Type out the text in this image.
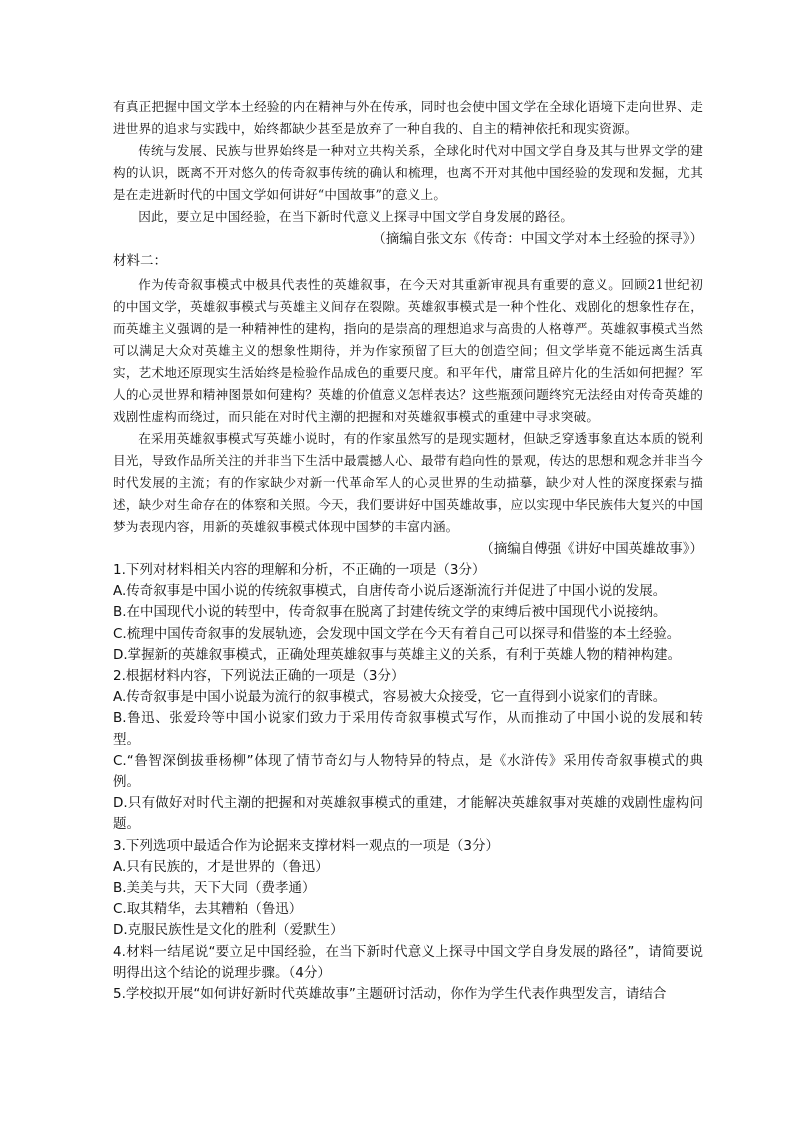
有真正把握中国文学本土经验的内在精神与外在传承，同时也会使中国文学在全球化语境下走向世界、走进世界的追求与实践中，始终都缺少甚至是放弃了一种自我的、自主的精神依托和现实资源。

传统与发展、民族与世界始终是一种对立共构关系，全球化时代对中国文学自身及其与世界文学的建构的认识，既离不开对悠久的传奇叙事传统的确认和梳理，也离不开对其他中国经验的发现和发掘，尤其是在走进新时代的中国文学如何讲好“中国故事”的意义上。

因此，要立足中国经验，在当下新时代意义上探寻中国文学自身发展的路径。

（摘编自张文东《传奇：中国文学对本土经验的探寻》）

材料二：

作为传奇叙事模式中极具代表性的英雄叙事，在今天对其重新审视具有重要的意义。回顾21世纪初的中国文学，英雄叙事模式与英雄主义间存在裂隙。英雄叙事模式是一种个性化、戏剧化的想象性存在，而英雄主义强调的是一种精神性的建构，指向的是崇高的理想追求与高贵的人格尊严。英雄叙事模式当然可以满足大众对英雄主义的想象性期待，并为作家预留了巨大的创造空间；但文学毕竟不能远离生活真实，艺术地还原现实生活始终是检验作品成色的重要尺度。和平年代，庸常且碎片化的生活如何把握？军人的心灵世界和精神图景如何建构？英雄的价值意义怎样表达？这些瓶颈问题终究无法经由对传奇英雄的戏剧性虚构而绕过，而只能在对时代主潮的把握和对英雄叙事模式的重建中寻求突破。

在采用英雄叙事模式写英雄小说时，有的作家虽然写的是现实题材，但缺乏穿透事象直达本质的锐利目光，导致作品所关注的并非当下生活中最震撼人心、最带有趋向性的景观，传达的思想和观念并非当今时代发展的主流；有的作家缺少对新一代革命军人的心灵世界的生动描摹，缺少对人性的深度探索与描述，缺少对生命存在的体察和关照。今天，我们要讲好中国英雄故事，应以实现中华民族伟大复兴的中国梦为表现内容，用新的英雄叙事模式体现中国梦的丰富内涵。

（摘编自傅强《讲好中国英雄故事》）

1.下列对材料相关内容的理解和分析，不正确的一项是（3分）

A.传奇叙事是中国小说的传统叙事模式，自唐传奇小说后逐渐流行并促进了中国小说的发展。

B.在中国现代小说的转型中，传奇叙事在脱离了封建传统文学的束缚后被中国现代小说接纳。

C.梳理中国传奇叙事的发展轨迹，会发现中国文学在今天有着自己可以探寻和借鉴的本土经验。

D.掌握新的英雄叙事模式，正确处理英雄叙事与英雄主义的关系，有利于英雄人物的精神构建。

2.根据材料内容，下列说法正确的一项是（3分）

A.传奇叙事是中国小说最为流行的叙事模式，容易被大众接受，它一直得到小说家们的青睐。

B.鲁迅、张爱玲等中国小说家们致力于采用传奇叙事模式写作，从而推动了中国小说的发展和转型。

C.“鲁智深倒拔垂杨柳”体现了情节奇幻与人物特异的特点，是《水浒传》采用传奇叙事模式的典例。

D.只有做好对时代主潮的把握和对英雄叙事模式的重建，才能解决英雄叙事对英雄的戏剧性虚构问题。

3.下列选项中最适合作为论据来支撑材料一观点的一项是（3分）

A.只有民族的，才是世界的（鲁迅）

B.美美与共，天下大同（费孝通）

C.取其精华，去其糟粕（鲁迅）

D.克服民族性是文化的胜利（爱默生）

4.材料一结尾说“要立足中国经验，在当下新时代意义上探寻中国文学自身发展的路径”，请简要说明得出这个结论的说理步骤。（4分）

5.学校拟开展“如何讲好新时代英雄故事”主题研讨活动，你作为学生代表作典型发言，请结合
